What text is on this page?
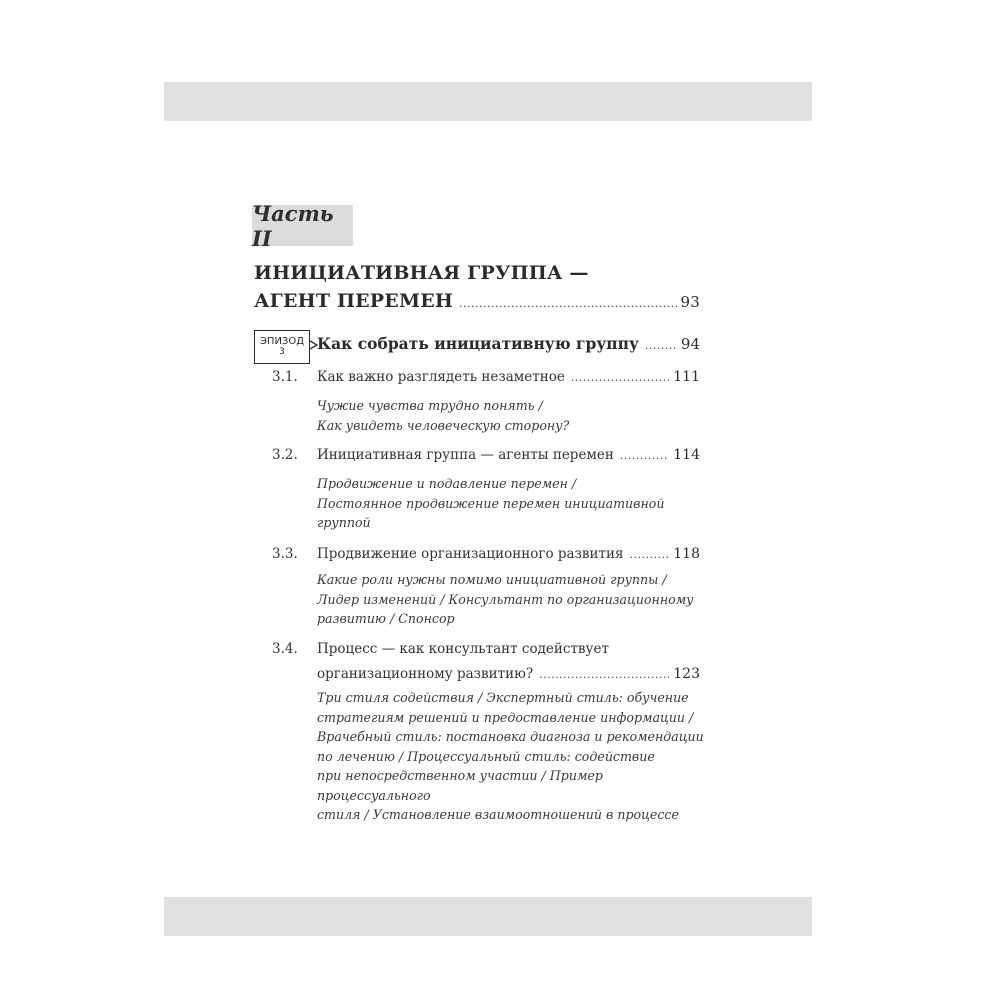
Часть II
ИНИЦИАТИВНАЯ ГРУППА —
АГЕНТ ПЕРЕМЕН .....	93
ЭПИЗОД
3	Как собрать инициативную группу .....	94
3.1.	Как важно разглядеть незаметное .....	111
Чужие чувства трудно понять /
Как увидеть человеческую сторону?
3.2.	Инициативная группа — агенты перемен .....	114
Продвижение и подавление перемен /
Постоянное продвижение перемен инициативной
группой
3.3.	Продвижение организационного развития .....	118
Какие роли нужны помимо инициативной группы /
Лидер изменений / Консультант по организационному
развитию / Спонсор
3.4.	Процесс — как консультант содействует
организационному развитию? .....	123
Три стиля содействия / Экспертный стиль: обучение
стратегиям решений и предоставление информации /
Врачебный стиль: постановка диагноза и рекомендации
по лечению / Процессуальный стиль: содействие
при непосредственном участии / Пример процессуального
стиля / Установление взаимоотношений в процессе
